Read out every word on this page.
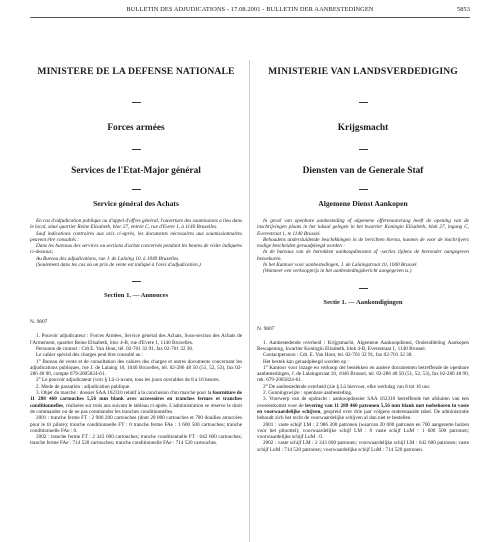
BULLETIN DES ADJUDICATIONS - 17.08.2001 - BULLETIN DER AANBESTEDINGEN	5853
MINISTERE DE LA DEFENSE NATIONALE
Forces armées
Services de l'Etat-Major général
Service général des Achats

En cas d'adjudication publique ou d'appel d'offres général, l'ouverture des soumissions a lieu dans le local, situé quartier Reine Elisabeth, bloc 27, entrée C, rue d'Evere 1, à 1140 Bruxelles.

Sauf indications contraires aux avis ci-après, les documents nécessaires aux soumissionnaires peuvent être consultés :

Dans les bureaux des services ou sections d'achat concernés pendant les heures de visite indiquées ci-dessous;

Au Bureau des adjudications, rue J. de Lalaing 10, à 1040 Bruxelles.

(Seulement dans les cas où un prix de vente est indiqué à l'avis d'adjudication.)

Section 1. — Annonces
N. 9807

1. Pouvoir adjudicateur : Forces Armées, Service général des Achats, Sous-section des Achats de l'Armement, quartier Reine Elisabeth, bloc 4-B, rue d'Evere 1, 1140 Bruxelles.

Personne de contact : Cdt E. Van Hout, tél. 02-701 32 91, fax 02-701 32 30.

Le cahier spécial des charges peut être consulté au :

1° Bureau de vente et de consultation des cahiers des charges et autres documents concernant les adjudications publiques, rue J. de Lalaing 10, 1040 Bruxelles, tél. 02-286 48 50 (51, 52, 53), fax 02-286 48 90, compte 679-2005824-61.

2° Le pouvoir adjudicateur (voir § Lü ci-avant, tous les jours ouvrables de 8 à 16 heures.

2. Mode de passation : adjudication publique.

3. Objet du marché : dossier SAA 162310 relatif à la conclusion d'un marché pour la fourniture de 11 288 460 cartouches 5,56 mm blank avec accessoires en tranches fermes et tranches conditionnelles, réalisées sur trois ans suivant le tableau ci-après. L'administration se réserve le droit de commander ou de ne pas commander les tranches conditionnelles.

2001 : tranche ferme FT : 2 986 200 cartouches (dont 20 000 cartouches et 700 douilles amorcées pour le tir pilote); tranche conditionnelle FT : 0 tranche ferme FAe : 1 600 500 cartouches; tranche conditionnelle FAe : 0.

2002 : tranche ferme FT : 2 343 600 cartouches; tranche conditionnelle FT : 642 600 cartouches; tranche ferme FAe : 714 520 cartouches; tranche conditionnelle FAe : 714 520 cartouches.

MINISTERIE VAN LANDSVERDEDIGING
Krijgsmacht
Diensten van de Generale Staf
Algemene Dienst Aankopen

In geval van openbare aanbesteding of algemene offerteaanvraag heeft de opening van de inschrijvingen plaats in het lokaal gelegen in het kwartier Koningin Elisabeth, blok 27, ingang C, Everestraat 1, te 1140 Brussel.

Behoudens andersluidende beschikkingen in de berichten hierna, kunnen de voor de inschrijvers nodige bescheiden geraadpleegd worden :

In de bureaus van de betrokken aankoopdiensten of -secties tijdens de hieronder aangegeven bezoekuren.

In het Kantoor voor aanbestedingen, J. de Lalaingstraat 10, 1040 Brussel.

(Wanneer een verkoopprijs in het aanbestedingsbericht aangegeven is.)

Sectie 1. — Aankondigingen
N. 9807

1. Aanbestedende overheid : Krijgsmacht, Algemene Aankoopdienst, Onderafdeling Aankopen Bewapening, kwartier Koningin Elisabeth, blok 4-B, Everestraat 1, 1140 Brussel.

Contactpersoon : Cdt. E. Van Hout, tel. 02-701 32 91, fax 02-701 32 30.

Het bestek kan geraadpleegd worden op :

1° Kantoor voor inzage en verkoop der bestekken en andere documenten betreffende de openbare aanbestedingen, J. de Lalaingstraat 10, 1040 Brussel, tel. 02-286 48 50 (51, 52, 53), fax 02-286 48 90, rek. 679-2005824-61.

2° De aanbestedende overheid (zie § Lü hiervoor, elke werkdag van 8 tot 16 uur.

2. Gunningswijze : openbare aanbesteding.

3. Voorwerp van de opdracht : aankoopdossier SAA 162310 betreffende het afsluiten van een overeenkomst voor de levering van 11 288 460 patronen 5,56 mm blank met toebehoren in vaste en voorwaardelijke schijven, gespreid over drie jaar volgens onderstaande tabel. De administratie behoudt zich het recht de voorwaardelijke schijven al dan niet te bestellen.

2001 : vaste schijf LM : 2 986 200 patronen (waarvan 20 000 patronen en 700 aangezette hulzen voor het piloottel); voorwaardelijke schijf LM : 0 vaste schijf LuM : 1 600 500 patronen; voorwaardelijke schijf LuM : 0.

2002 : vaste schijf LM : 2 343 600 patronen; voorwaardelijke schijf LM : 642 600 patronen; vaste schijf LuM : 714 520 patronen; voorwaardelijke schijf LuM : 714 520 patronen.
